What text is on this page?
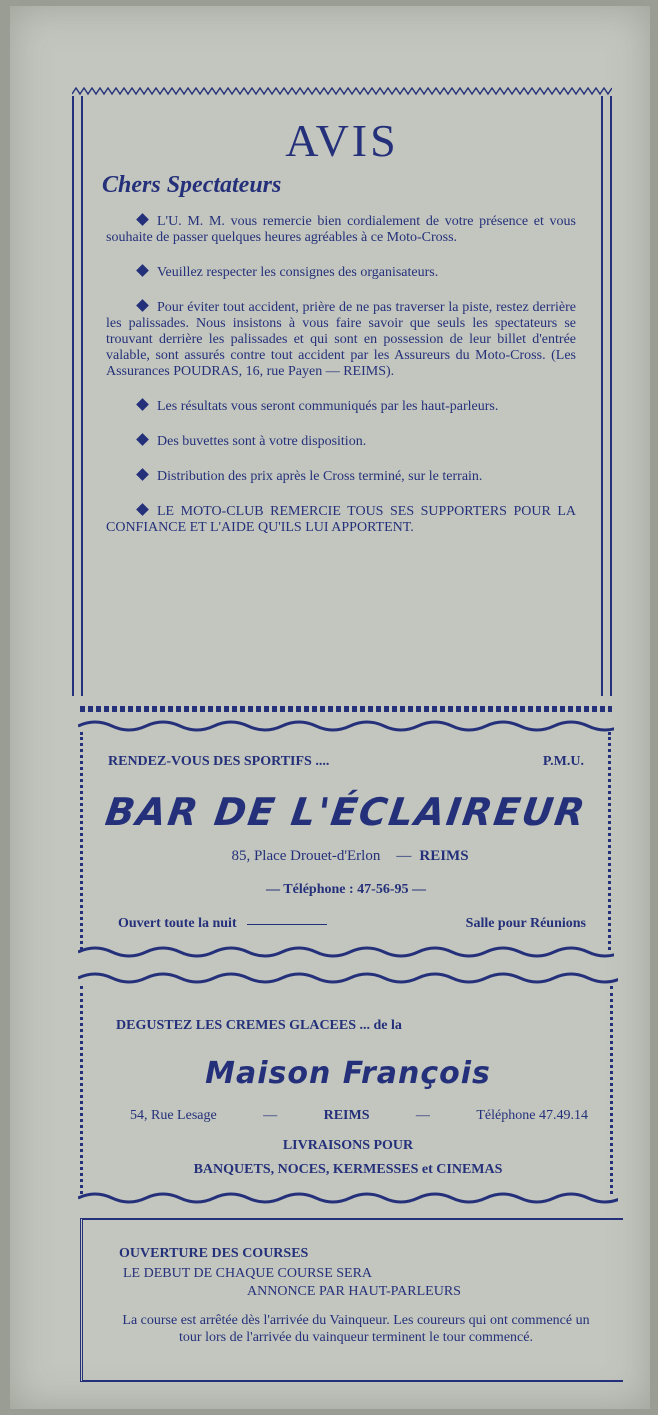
AVIS
Chers Spectateurs

L'U. M. M. vous remercie bien cordialement de votre présence et vous souhaite de passer quelques heures agréables à ce Moto-Cross.

Veuillez respecter les consignes des organisateurs.

Pour éviter tout accident, prière de ne pas traverser la piste, restez derrière les palissades. Nous insistons à vous faire savoir que seuls les spectateurs se trouvant derrière les palissades et qui sont en possession de leur billet d'entrée valable, sont assurés contre tout accident par les Assureurs du Moto-Cross. (Les Assurances POUDRAS, 16, rue Payen — REIMS).

Les résultats vous seront communiqués par les haut-parleurs.

Des buvettes sont à votre disposition.

Distribution des prix après le Cross terminé, sur le terrain.

LE MOTO-CLUB REMERCIE TOUS SES SUPPORTERS POUR LA CONFIANCE ET L'AIDE QU'ILS LUI APPORTENT.

RENDEZ-VOUS DES SPORTIFS ....	P.M.U.
BAR DE L'ÉCLAIREUR
85, Place Drouet-d'Erlon — REIMS
— Téléphone : 47-56-95 —
Ouvert toute la nuit	Salle pour Réunions
DEGUSTEZ LES CREMES GLACEES ... de la
Maison François
54, Rue Lesage	—	REIMS	—	Téléphone 47.49.14
LIVRAISONS POUR
BANQUETS, NOCES, KERMESSES et CINEMAS
OUVERTURE DES COURSES
LE DEBUT DE CHAQUE COURSE SERA
ANNONCE PAR HAUT-PARLEURS
La course est arrêtée dès l'arrivée du Vainqueur. Les coureurs qui ont commencé un tour lors de l'arrivée du vainqueur terminent le tour commencé.
